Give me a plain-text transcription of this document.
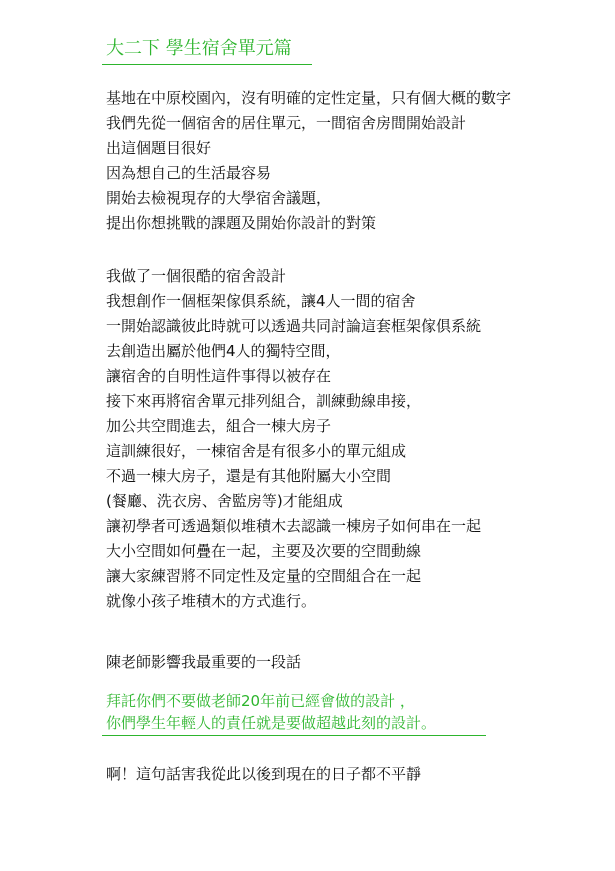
大二下 學生宿舍單元篇
基地在中原校園內，沒有明確的定性定量，只有個大概的數字
我們先從一個宿舍的居住單元，一間宿舍房間開始設計
出這個題目很好
因為想自己的生活最容易
開始去檢視現存的大學宿舍議題，
提出你想挑戰的課題及開始你設計的對策
我做了一個很酷的宿舍設計
我想創作一個框架傢俱系統，讓4人一間的宿舍
一開始認識彼此時就可以透過共同討論這套框架傢俱系統
去創造出屬於他們4人的獨特空間，
讓宿舍的自明性這件事得以被存在
接下來再將宿舍單元排列組合，訓練動線串接，
加公共空間進去，組合一棟大房子
這訓練很好，一棟宿舍是有很多小的單元組成
不過一棟大房子，還是有其他附屬大小空間
(餐廳、洗衣房、舍監房等)才能組成
讓初學者可透過類似堆積木去認識一棟房子如何串在一起
大小空間如何疊在一起，主要及次要的空間動線
讓大家練習將不同定性及定量的空間組合在一起
就像小孩子堆積木的方式進行。
陳老師影響我最重要的一段話
拜託你們不要做老師20年前已經會做的設計 ，
你們學生年輕人的責任就是要做超越此刻的設計。
啊！這句話害我從此以後到現在的日子都不平靜
